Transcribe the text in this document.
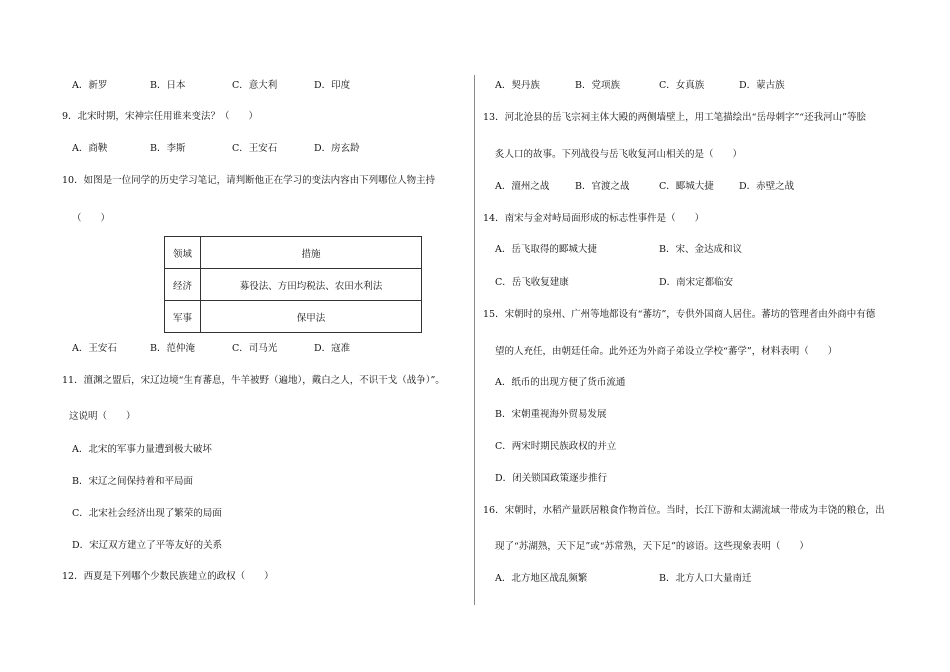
A．新罗	B．日本	C．意大利	D．印度
9．北宋时期，宋神宗任用谁来变法？（　　）
A．商鞅	B．李斯	C．王安石	D．房玄龄
10．如图是一位同学的历史学习笔记，请判断他正在学习的变法内容由下列哪位人物主持
（　　）
领域	措施
经济	募役法、方田均税法、农田水利法
军事	保甲法
A．王安石	B．范仲淹	C．司马光	D．寇准
11．澶渊之盟后，宋辽边境“生育蕃息，牛羊被野（遍地），戴白之人，不识干戈（战争）”。
这说明（　　）
A．北宋的军事力量遭到极大破坏
B．宋辽之间保持着和平局面
C．北宋社会经济出现了繁荣的局面
D．宋辽双方建立了平等友好的关系
12．西夏是下列哪个少数民族建立的政权（　　）
A．契丹族	B．党项族	C．女真族	D．蒙古族
13．河北沧县的岳飞宗祠主体大殿的两侧墙壁上，用工笔描绘出“岳母刺字”“还我河山”等脍
炙人口的故事。下列战役与岳飞收复河山相关的是（　　）
A．澶州之战	B．官渡之战	C．郾城大捷	D．赤壁之战
14．南宋与金对峙局面形成的标志性事件是（　　）
A．岳飞取得的郾城大捷	B．宋、金达成和议
C．岳飞收复建康	D．南宋定都临安
15．宋朝时的泉州、广州等地都设有“蕃坊”，专供外国商人居住。蕃坊的管理者由外商中有德
望的人充任，由朝廷任命。此外还为外商子弟设立学校“蕃学”，材料表明（　　）
A．纸币的出现方便了货币流通
B．宋朝重视海外贸易发展
C．两宋时期民族政权的并立
D．闭关锁国政策逐步推行
16．宋朝时，水稻产量跃居粮食作物首位。当时，长江下游和太湖流域一带成为丰饶的粮仓，出
现了“苏湖熟，天下足”或“苏常熟，天下足”的谚语。这些现象表明（　　）
A．北方地区战乱频繁	B．北方人口大量南迁
